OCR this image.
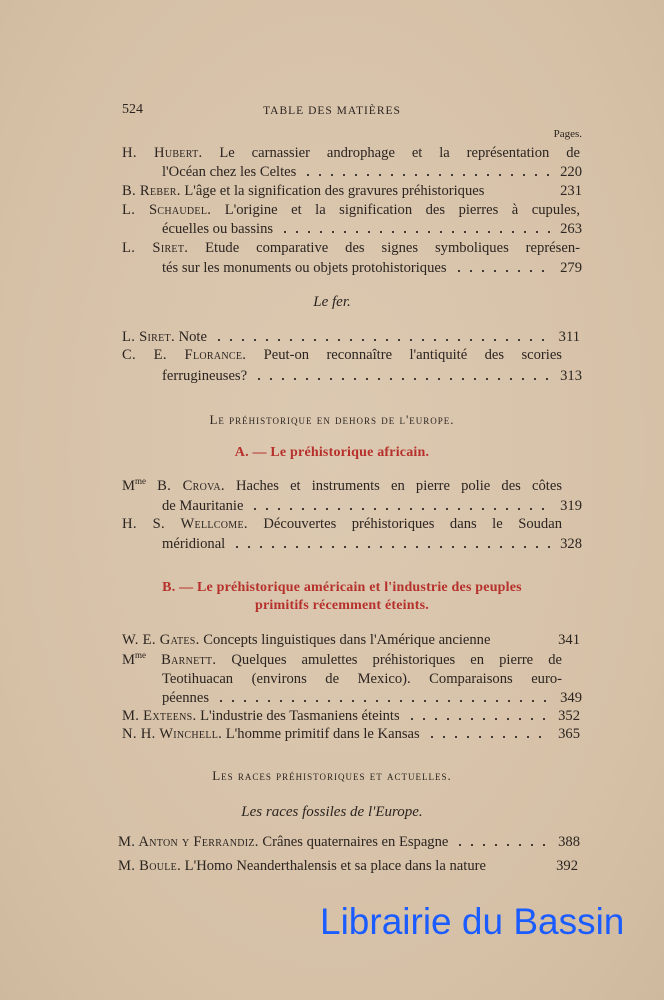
524	TABLE DES MATIÈRES
Pages.
H. Hubert. Le carnassier androphage et la représentation de
l'Océan chez les Celtes	220
B. Reber. L'âge et la signification des gravures préhistoriques	231
L. Schaudel. L'origine et la signification des pierres à cupules,
écuelles ou bassins	263
L. Siret. Etude comparative des signes symboliques représen-
tés sur les monuments ou objets protohistoriques	279
Le fer.
L. Siret. Note	311
C. E. Florance. Peut-on reconnaître l'antiquité des scories
ferrugineuses?	313
Le préhistorique en dehors de l'europe.
A. — Le préhistorique africain.
$M^{me}$ B. Crova. Haches et instruments en pierre polie des côtes
de Mauritanie	319
H. S. Wellcome. Découvertes préhistoriques dans le Soudan
méridional	328
B. — Le préhistorique américain et l'industrie des peuples
primitifs récemment éteints.
W. E. Gates. Concepts linguistiques dans l'Amérique ancienne	341
$M^{me}$ Barnett. Quelques amulettes préhistoriques en pierre de
Teotihuacan (environs de Mexico). Comparaisons euro-
péennes	349
M. Exteens. L'industrie des Tasmaniens éteints	352
N. H. Winchell. L'homme primitif dans le Kansas	365
Les races préhistoriques et actuelles.
Les races fossiles de l'Europe.
M. Anton y Ferrandiz. Crânes quaternaires en Espagne	388
M. Boule. L'Homo Neanderthalensis et sa place dans la nature	392
Librairie du Bassin
